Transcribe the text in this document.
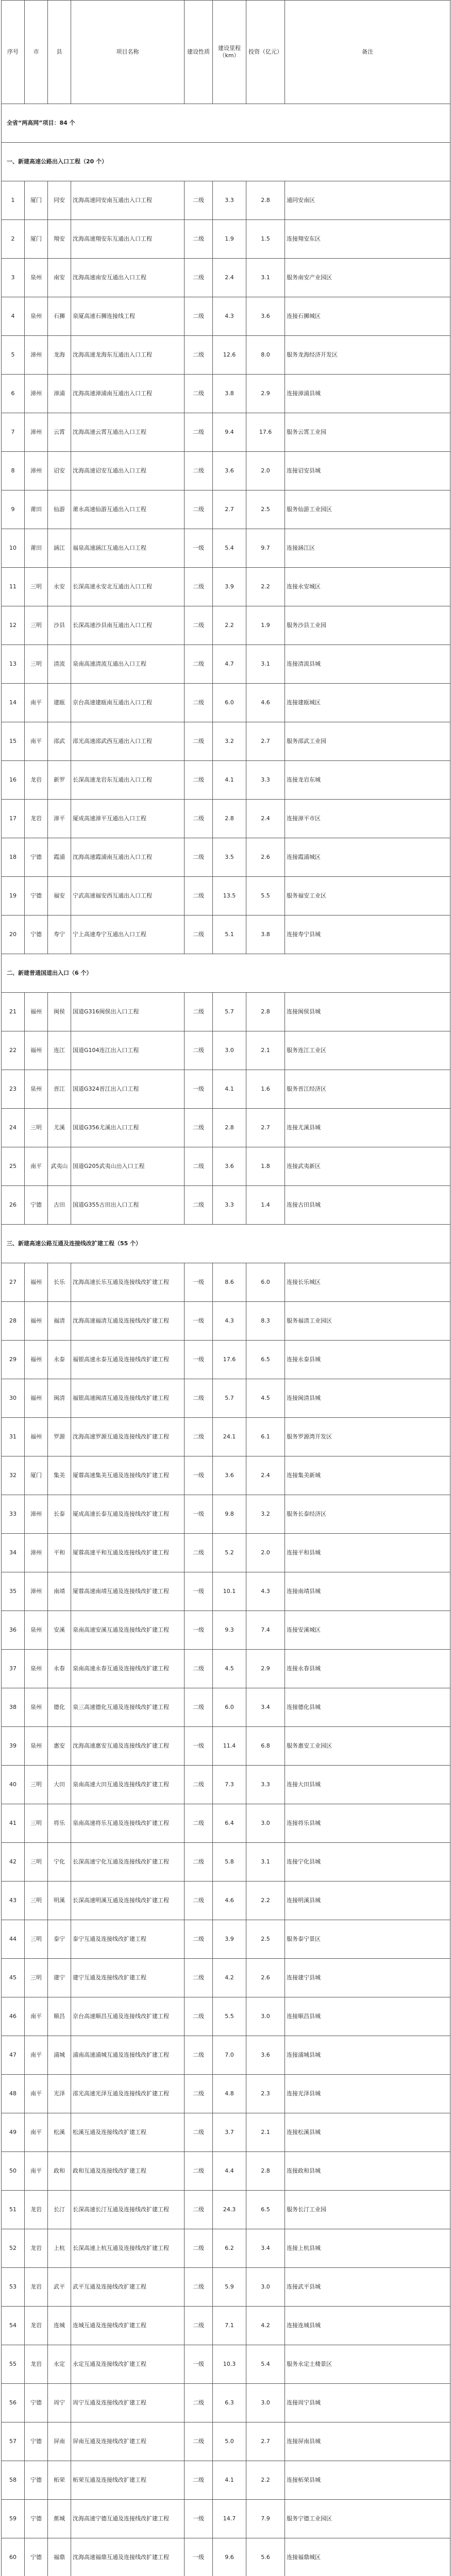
序号	市	县	项目名称	建设性质	建设里程（km）	投资（亿元）	备注
全省“两高网”项目：84 个							
一、新建高速公路出入口工程（20 个）							
1	厦门	同安	沈海高速同安南互通出入口工程	二级	3.3	2.8	通同安南区
2	厦门	翔安	沈海高速翔安东互通出入口工程	二级	1.9	1.5	连接翔安东区
3	泉州	南安	沈海高速南安互通出入口工程	二级	2.4	3.1	服务南安产业园区
4	泉州	石狮	泉厦高速石狮连接线工程	二级	4.3	3.6	连接石狮城区
5	漳州	龙海	沈海高速龙海东互通出入口工程	二级	12.6	8.0	服务龙海经济开发区
6	漳州	漳浦	沈海高速漳浦南互通出入口工程	二级	3.8	2.9	连接漳浦县城
7	漳州	云霄	沈海高速云霄互通出入口工程	二级	9.4	17.6	服务云霄工业园
8	漳州	诏安	沈海高速诏安互通出入口工程	二级	3.6	2.0	连接诏安县城
9	莆田	仙游	莆永高速仙游互通出入口工程	二级	2.7	2.5	服务仙游工业园区
10	莆田	涵江	福泉高速涵江互通出入口工程	一级	5.4	9.7	连接涵江区
11	三明	永安	长深高速永安北互通出入口工程	二级	3.9	2.2	连接永安城区
12	三明	沙县	长深高速沙县南互通出入口工程	二级	2.2	1.9	服务沙县工业园
13	三明	清流	泉南高速清流互通出入口工程	二级	4.7	3.1	连接清流县城
14	南平	建瓯	京台高速建瓯南互通出入口工程	二级	6.0	4.6	连接建瓯城区
15	南平	邵武	邵光高速邵武西互通出入口工程	二级	3.2	2.7	服务邵武工业园
16	龙岩	新罗	长深高速龙岩东互通出入口工程	二级	4.1	3.3	连接龙岩东城
17	龙岩	漳平	厦成高速漳平互通出入口工程	二级	2.8	2.4	连接漳平市区
18	宁德	霞浦	沈海高速霞浦南互通出入口工程	二级	3.5	2.6	连接霞浦城区
19	宁德	福安	宁武高速福安西互通出入口工程	二级	13.5	5.5	服务福安工业区
20	宁德	寿宁	宁上高速寿宁互通出入口工程	二级	5.1	3.8	连接寿宁县城
二、新建普通国道出入口（6 个）							
21	福州	闽侯	国道G316闽侯出入口工程	二级	5.7	2.8	连接闽侯县城
22	福州	连江	国道G104连江出入口工程	二级	3.0	2.1	服务连江工业区
23	泉州	晋江	国道G324晋江出入口工程	一级	4.1	1.6	服务晋江经济区
24	三明	尤溪	国道G356尤溪出入口工程	二级	2.8	2.7	连接尤溪县城
25	南平	武夷山	国道G205武夷山出入口工程	二级	3.6	1.8	连接武夷新区
26	宁德	古田	国道G355古田出入口工程	二级	3.3	1.4	连接古田县城
三、新建高速公路互通及连接线改扩建工程（55 个）							
27	福州	长乐	沈海高速长乐互通及连接线改扩建工程	一级	8.6	6.0	连接长乐城区
28	福州	福清	沈海高速福清互通及连接线改扩建工程	一级	4.3	8.3	服务福清工业园区
29	福州	永泰	福银高速永泰互通及连接线改扩建工程	一级	17.6	6.5	连接永泰县城
30	福州	闽清	福银高速闽清互通及连接线改扩建工程	二级	5.7	4.5	连接闽清县城
31	福州	罗源	沈海高速罗源互通及连接线改扩建工程	二级	24.1	6.1	服务罗源湾开发区
32	厦门	集美	厦蓉高速集美互通及连接线改扩建工程	一级	3.6	2.4	连接集美新城
33	漳州	长泰	厦成高速长泰互通及连接线改扩建工程	一级	9.8	3.2	服务长泰经济区
34	漳州	平和	厦蓉高速平和互通及连接线改扩建工程	二级	5.2	2.0	连接平和县城
35	漳州	南靖	厦蓉高速南靖互通及连接线改扩建工程	一级	10.1	4.3	连接南靖县城
36	泉州	安溪	泉南高速安溪互通及连接线改扩建工程	一级	9.3	7.4	连接安溪城区
37	泉州	永春	泉南高速永春互通及连接线改扩建工程	二级	4.5	2.9	连接永春县城
38	泉州	德化	泉三高速德化互通及连接线改扩建工程	二级	6.0	3.4	连接德化县城
39	泉州	惠安	沈海高速惠安互通及连接线改扩建工程	一级	11.4	6.8	服务惠安工业园区
40	三明	大田	泉南高速大田互通及连接线改扩建工程	二级	7.3	3.3	连接大田县城
41	三明	将乐	泉南高速将乐互通及连接线改扩建工程	二级	6.4	3.0	连接将乐县城
42	三明	宁化	长深高速宁化互通及连接线改扩建工程	二级	5.8	3.1	连接宁化县城
43	三明	明溪	长深高速明溪互通及连接线改扩建工程	二级	4.6	2.2	连接明溪县城
44	三明	泰宁	泰宁互通及连接线改扩建工程	二级	3.9	2.5	服务泰宁景区
45	三明	建宁	建宁互通及连接线改扩建工程	二级	4.2	2.6	连接建宁县城
46	南平	顺昌	京台高速顺昌互通及连接线改扩建工程	二级	5.5	3.0	连接顺昌县城
47	南平	浦城	浦南高速浦城互通及连接线改扩建工程	二级	7.0	3.6	连接浦城县城
48	南平	光泽	邵光高速光泽互通及连接线改扩建工程	二级	4.8	2.3	连接光泽县城
49	南平	松溪	松溪互通及连接线改扩建工程	二级	3.7	2.1	连接松溪县城
50	南平	政和	政和互通及连接线改扩建工程	二级	4.4	2.8	连接政和县城
51	龙岩	长汀	长深高速长汀互通及连接线改扩建工程	二级	24.3	6.5	服务长汀工业园
52	龙岩	上杭	长深高速上杭互通及连接线改扩建工程	二级	6.2	3.4	连接上杭县城
53	龙岩	武平	武平互通及连接线改扩建工程	二级	5.9	3.0	连接武平县城
54	龙岩	连城	连城互通及连接线改扩建工程	二级	7.1	4.2	连接连城县城
55	龙岩	永定	永定互通及连接线改扩建工程	一级	10.3	5.4	服务永定土楼景区
56	宁德	周宁	周宁互通及连接线改扩建工程	二级	6.3	3.0	连接周宁县城
57	宁德	屏南	屏南互通及连接线改扩建工程	二级	5.0	2.7	连接屏南县城
58	宁德	柘荣	柘荣互通及连接线改扩建工程	二级	4.1	2.2	连接柘荣县城
59	宁德	蕉城	沈海高速宁德互通及连接线改扩建工程	一级	14.7	7.9	服务宁德工业园区
60	宁德	福鼎	沈海高速福鼎互通及连接线改扩建工程	一级	9.6	5.6	连接福鼎城区
